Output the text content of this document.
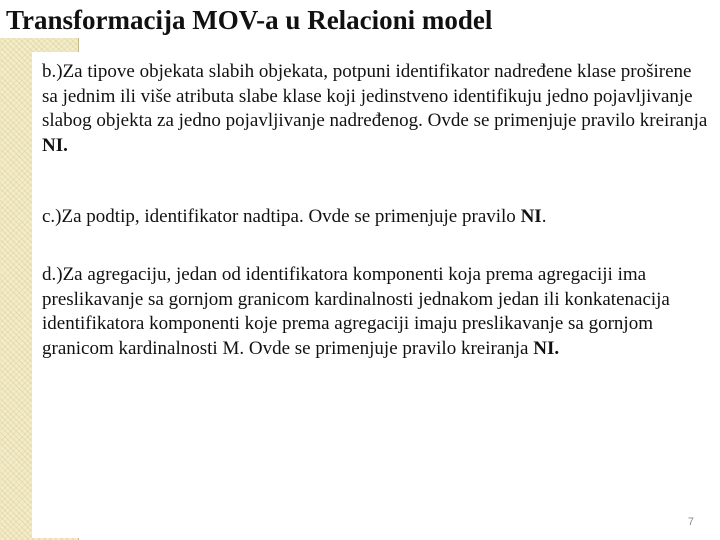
Transformacija MOV-a u Relacioni model

b.)Za tipove objekata slabih objekata, potpuni identifikator nadređene klase proširene sa jednim ili više atributa slabe klase koji jedinstveno identifikuju jedno pojavljivanje slabog objekta za jedno pojavljivanje nadređenog. Ovde se primenjuje pravilo kreiranja NI.

c.)Za podtip, identifikator nadtipa. Ovde se primenjuje pravilo NI.

d.)Za agregaciju, jedan od identifikatora komponenti koja prema agregaciji ima preslikavanje sa gornjom granicom kardinalnosti jednakom jedan ili konkatenacija identifikatora komponenti koje prema agregaciji imaju preslikavanje sa gornjom granicom kardinalnosti M. Ovde se primenjuje pravilo kreiranja NI.

7
